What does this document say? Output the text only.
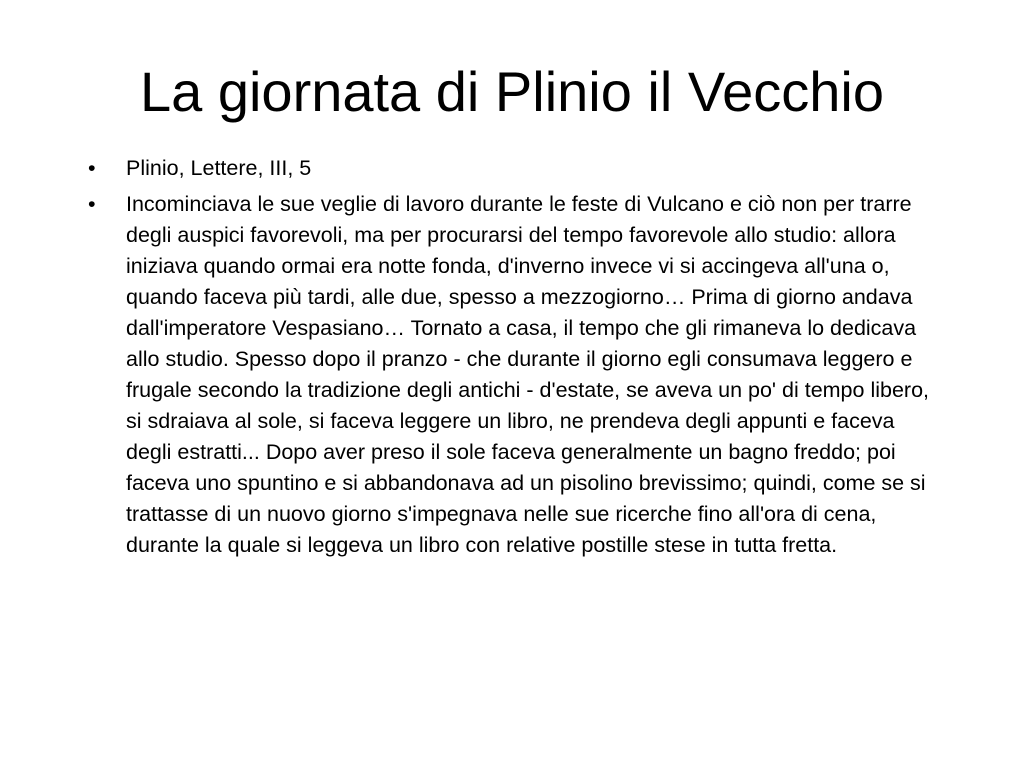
La giornata di Plinio il Vecchio
•	Plinio, Lettere, III, 5
•	Incominciava le sue veglie di lavoro durante le feste di Vulcano e ciò non per trarre degli auspici favorevoli, ma per procurarsi del tempo favorevole allo studio: allora iniziava quando ormai era notte fonda, d'inverno invece vi si accingeva all'una o, quando faceva più tardi, alle due, spesso a mezzogiorno… Prima di giorno andava dall'imperatore Vespasiano… Tornato a casa, il tempo che gli rimaneva lo dedicava allo studio. Spesso dopo il pranzo - che durante il giorno egli consumava leggero e frugale secondo la tradizione degli antichi - d'estate, se aveva un po' di tempo libero, si sdraiava al sole, si faceva leggere un libro, ne prendeva degli appunti e faceva degli estratti... Dopo aver preso il sole faceva generalmente un bagno freddo; poi faceva uno spuntino e si abbandonava ad un pisolino brevissimo; quindi, come se si trattasse di un nuovo giorno s'impegnava nelle sue ricerche fino all'ora di cena, durante la quale si leggeva un libro con relative postille stese in tutta fretta.
